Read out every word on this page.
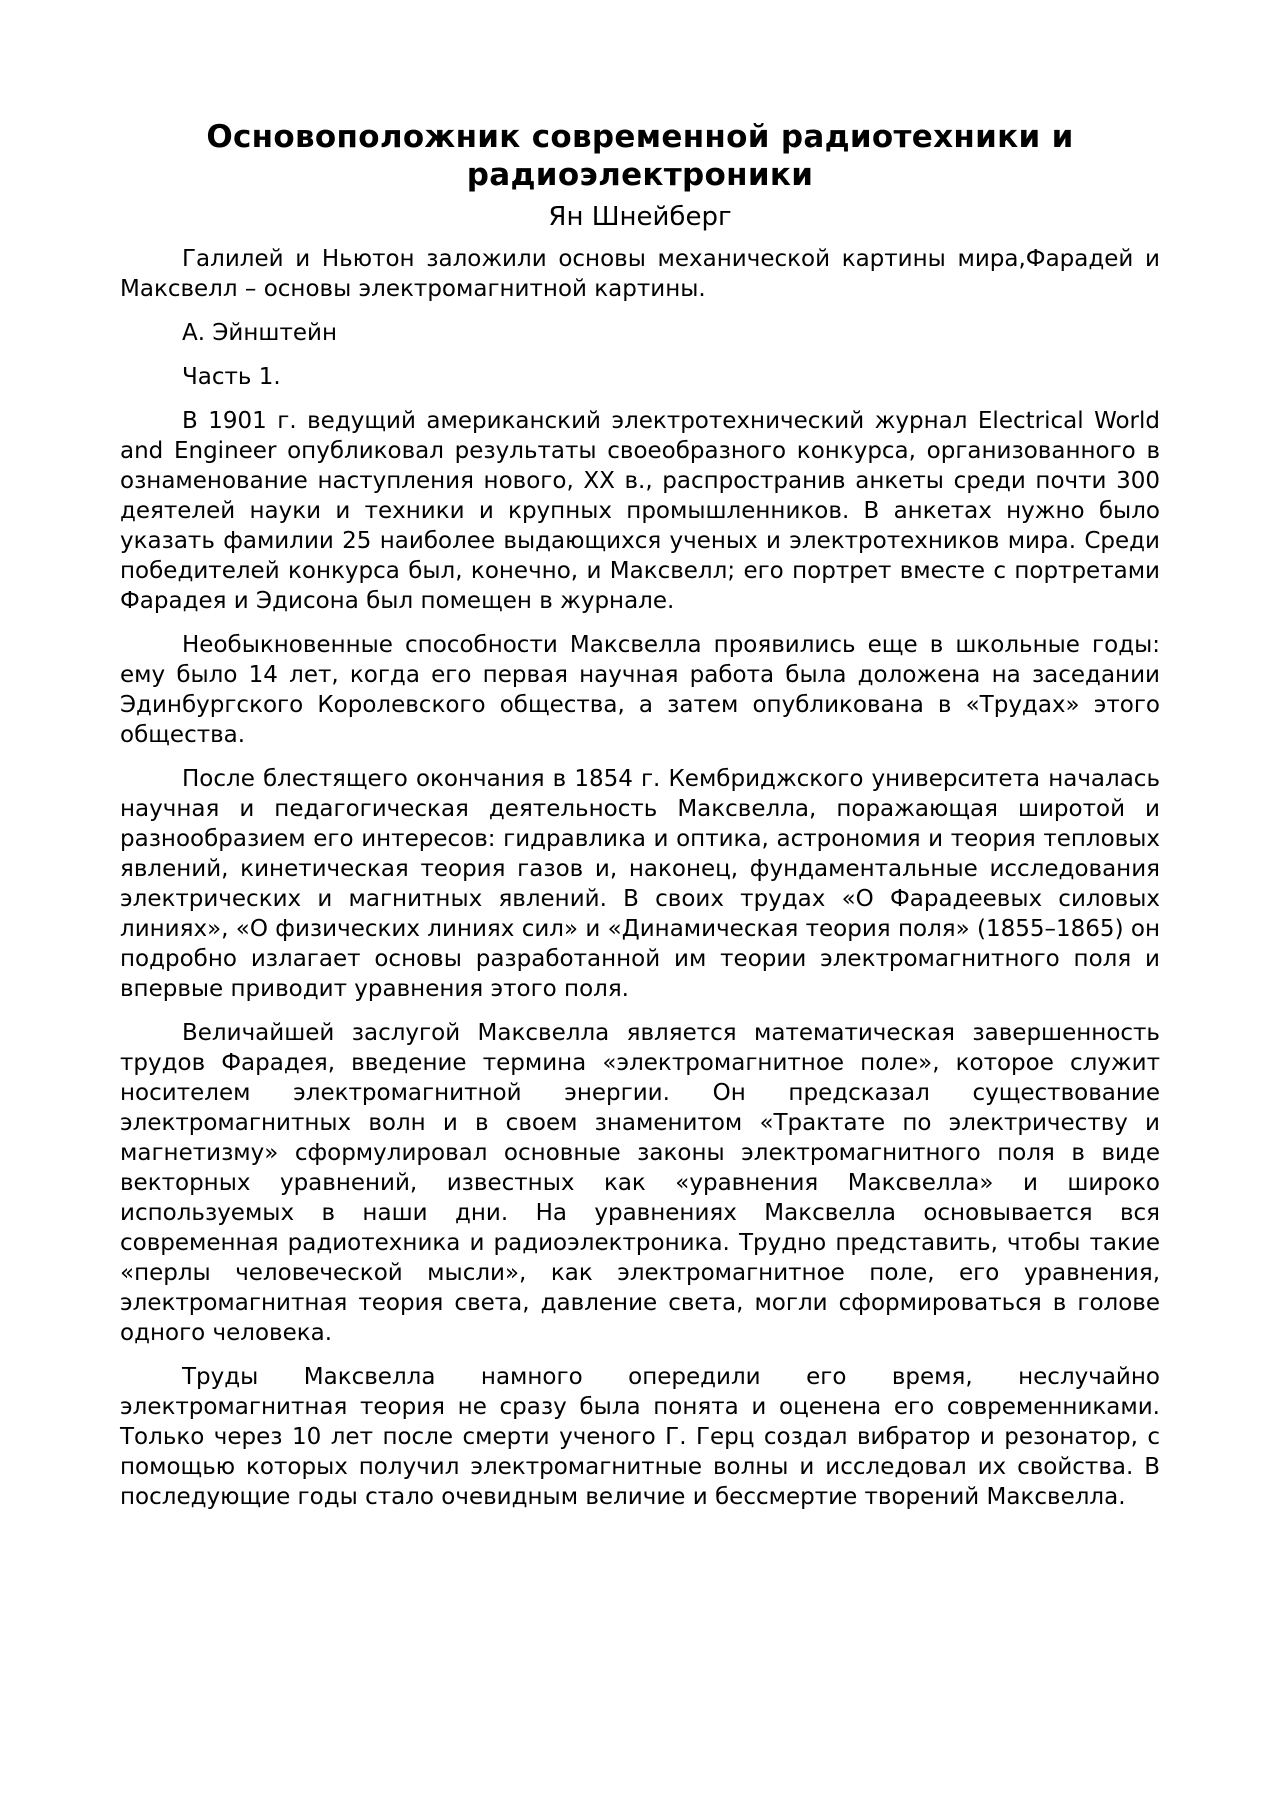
Основоположник современной радиотехники и радиоэлектроники
Ян Шнейберг

Галилей и Ньютон заложили основы механической картины мира,Фарадей и Максвелл – основы электромагнитной картины.

А. Эйнштейн

Часть 1.

В 1901 г. ведущий американский электротехнический журнал Electrical World and Engineer опубликовал результаты своеобразного конкурса, организованного в ознаменование наступления нового, XX в., распространив анкеты среди почти 300 деятелей науки и техники и крупных промышленников. В анкетах нужно было указать фамилии 25 наиболее выдающихся ученых и электротехников мира. Среди победителей конкурса был, конечно, и Максвелл; его портрет вместе с портретами Фарадея и Эдисона был помещен в журнале.

Необыкновенные способности Максвелла проявились еще в школьные годы: ему было 14 лет, когда его первая научная работа была доложена на заседании Эдинбургского Королевского общества, а затем опубликована в «Трудах» этого общества.

После блестящего окончания в 1854 г. Кембриджского университета началась научная и педагогическая деятельность Максвелла, поражающая широтой и разнообразием его интересов: гидравлика и оптика, астрономия и теория тепловых явлений, кинетическая теория газов и, наконец, фундаментальные исследования электрических и магнитных явлений. В своих трудах «О Фарадеевых силовых линиях», «О физических линиях сил» и «Динамическая теория поля» (1855–1865) он подробно излагает основы разработанной им теории электромагнитного поля и впервые приводит уравнения этого поля.

Величайшей заслугой Максвелла является математическая завершенность трудов Фарадея, введение термина «электромагнитное поле», которое служит носителем электромагнитной энергии. Он предсказал существование электромагнитных волн и в своем знаменитом «Трактате по электричеству и магнетизму» сформулировал основные законы электромагнитного поля в виде векторных уравнений, известных как «уравнения Максвелла» и широко используемых в наши дни. На уравнениях Максвелла основывается вся современная радиотехника и радиоэлектроника. Трудно представить, чтобы такие «перлы человеческой мысли», как электромагнитное поле, его уравнения, электромагнитная теория света, давление света, могли сформироваться в голове одного человека.

Труды Максвелла намного опередили его время, неслучайно электромагнитная теория не сразу была понята и оценена его современниками. Только через 10 лет после смерти ученого Г. Герц создал вибратор и резонатор, с помощью которых получил электромагнитные волны и исследовал их свойства. В последующие годы стало очевидным величие и бессмертие творений Максвелла.
